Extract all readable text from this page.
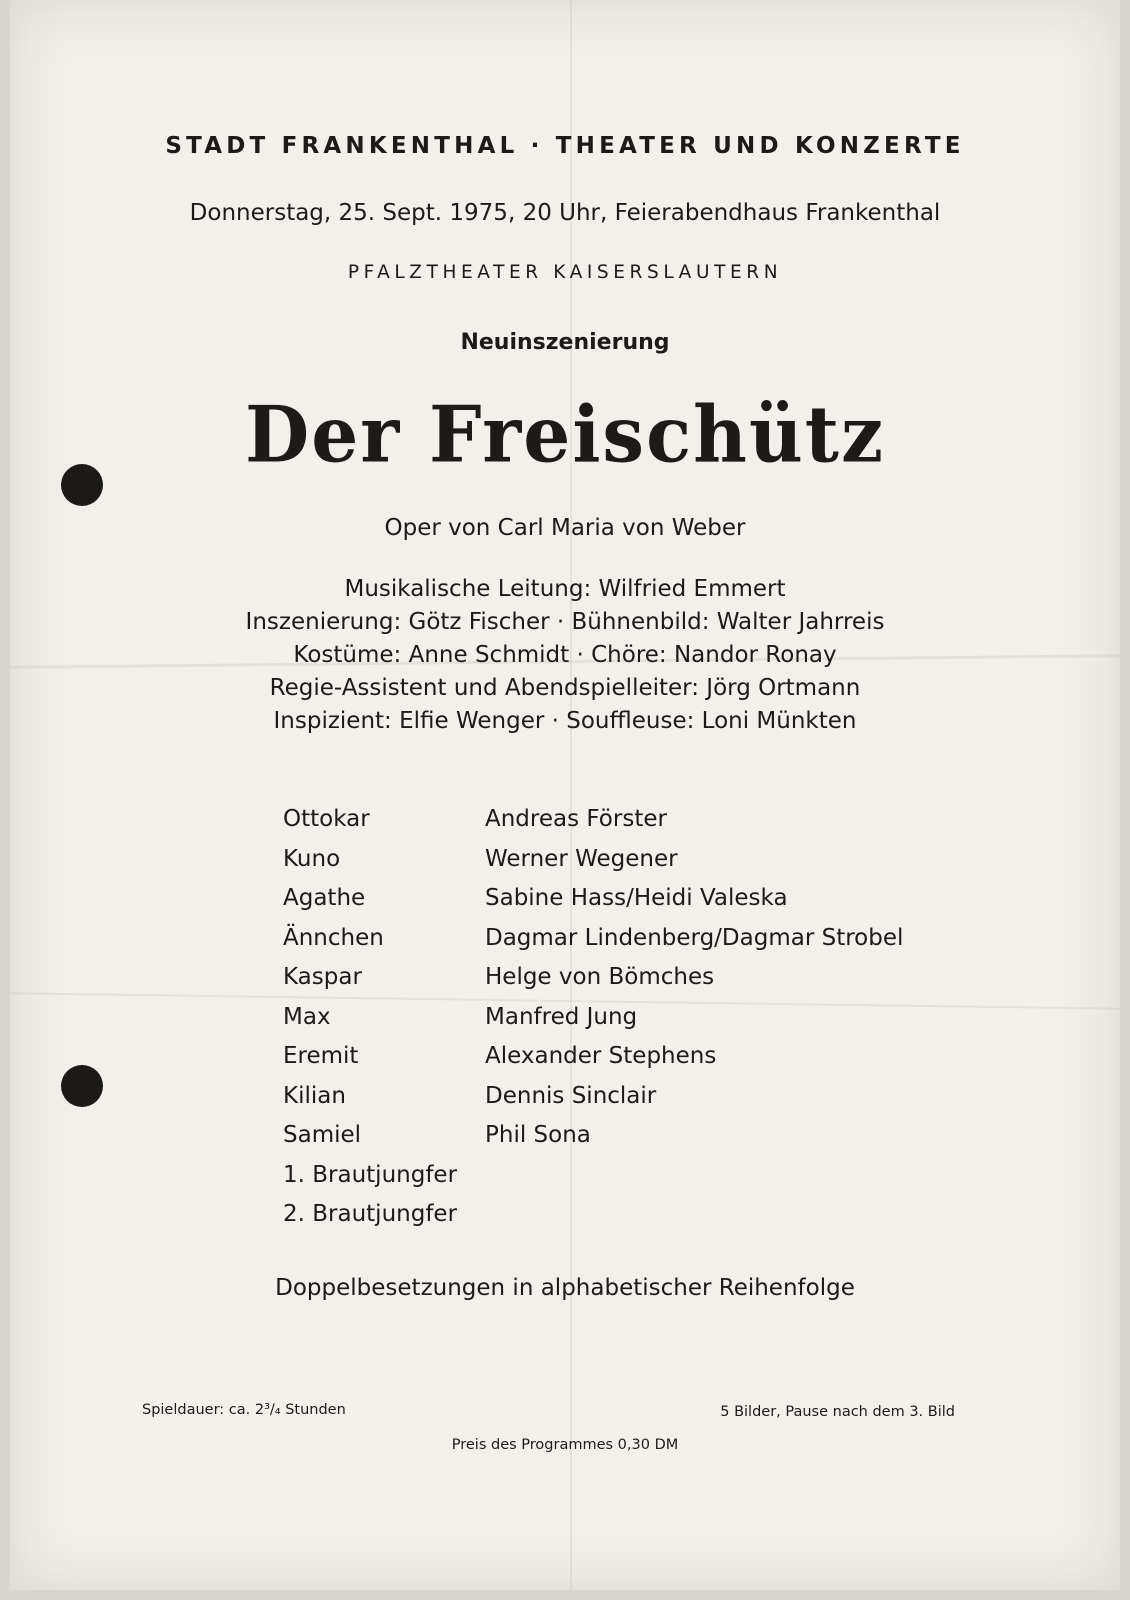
STADT FRANKENTHAL · THEATER UND KONZERTE

Donnerstag, 25. Sept. 1975, 20 Uhr, Feierabendhaus Frankenthal

PFALZTHEATER KAISERSLAUTERN

Neuinszenierung

Der Freischütz

Oper von Carl Maria von Weber

Musikalische Leitung: Wilfried Emmert
Inszenierung: Götz Fischer · Bühnenbild: Walter Jahrreis
Kostüme: Anne Schmidt · Chöre: Nandor Ronay
Regie-Assistent und Abendspielleiter: Jörg Ortmann
Inspizient: Elfie Wenger · Souffleuse: Loni Münkten
Ottokar	Andreas Förster
Kuno	Werner Wegener
Agathe	Sabine Hass/Heidi Valeska
Ännchen	Dagmar Lindenberg/Dagmar Strobel
Kaspar	Helge von Bömches
Max	Manfred Jung
Eremit	Alexander Stephens
Kilian	Dennis Sinclair
Samiel	Phil Sona
1. Brautjungfer
2. Brautjungfer

Doppelbesetzungen in alphabetischer Reihenfolge

Spieldauer: ca. 2³/₄ Stunden	5 Bilder, Pause nach dem 3. Bild

Preis des Programmes 0,30 DM
